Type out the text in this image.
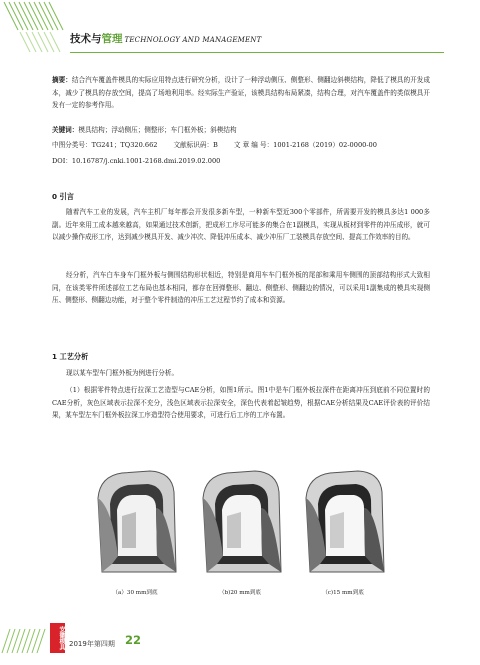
技术与管理 TECHNOLOGY AND MANAGEMENT
摘要：结合汽车覆盖件模具的实际应用特点进行研究分析，设计了一种浮动侧压、侧整形、侧翻边斜楔结构，降低了模具的开发成本，减少了模具的存放空间，提高了场地利用率。经实际生产验证，该模具结构布局紧凑，结构合理，对汽车覆盖件的类似模具开发有一定的参考作用。
关键词：模具结构；浮动侧压；侧整形；车门框外板；斜楔结构
中图分类号：TG241；TQ320.662 文献标识码：B 文 章 编 号：1001-2168（2019）02-0000-00
DOI：10.16787/j.cnki.1001-2168.dmi.2019.02.000
0 引言
随着汽车工业的发展，汽车主机厂每年都会开发很多新车型，一种新车型近300个零部件，所需要开发的模具多达1 000多副。近年来用工成本越来越高，如果通过技术创新，把成形工序尽可能多的集合在1副模具，实现从板材到零件的冲压成形，就可以减少操作成形工序，达到减少模具开发、减少冲次、降低冲压成本、减少冲压厂工装模具存放空间、提高工作效率的目的。
经分析，汽车白车身车门框外板与侧围结构形状相近，特别是商用车车门框外板的尾部和乘用车侧围的顶部结构形式大致相同，在该类零件所述部位工艺布局也基本相同，都存在回弹整形、翻边、侧整形、侧翻边的情况，可以采用1副集成的模具实现侧压、侧整形、侧翻边功能，对于整个零件制造的冲压工艺过程节约了成本和资源。
1 工艺分析
现以某车型车门框外板为例进行分析。
（1）根据零件特点进行拉深工艺造型与CAE分析，如图1所示。图1中是车门框外板拉深件在距离冲压到底前不同位置时的CAE分析，灰色区域表示拉深不充分，浅色区域表示拉深安全，深色代表着起皱趋势，根据CAE分析结果及CAE评价表的评价结果，某车型左车门框外板拉深工序造型符合使用要求，可进行后工序的工序布置。
（a）30 mm到底	（b)20 mm到底	（c)15 mm到底
安徽模具 2019年第四期 22
